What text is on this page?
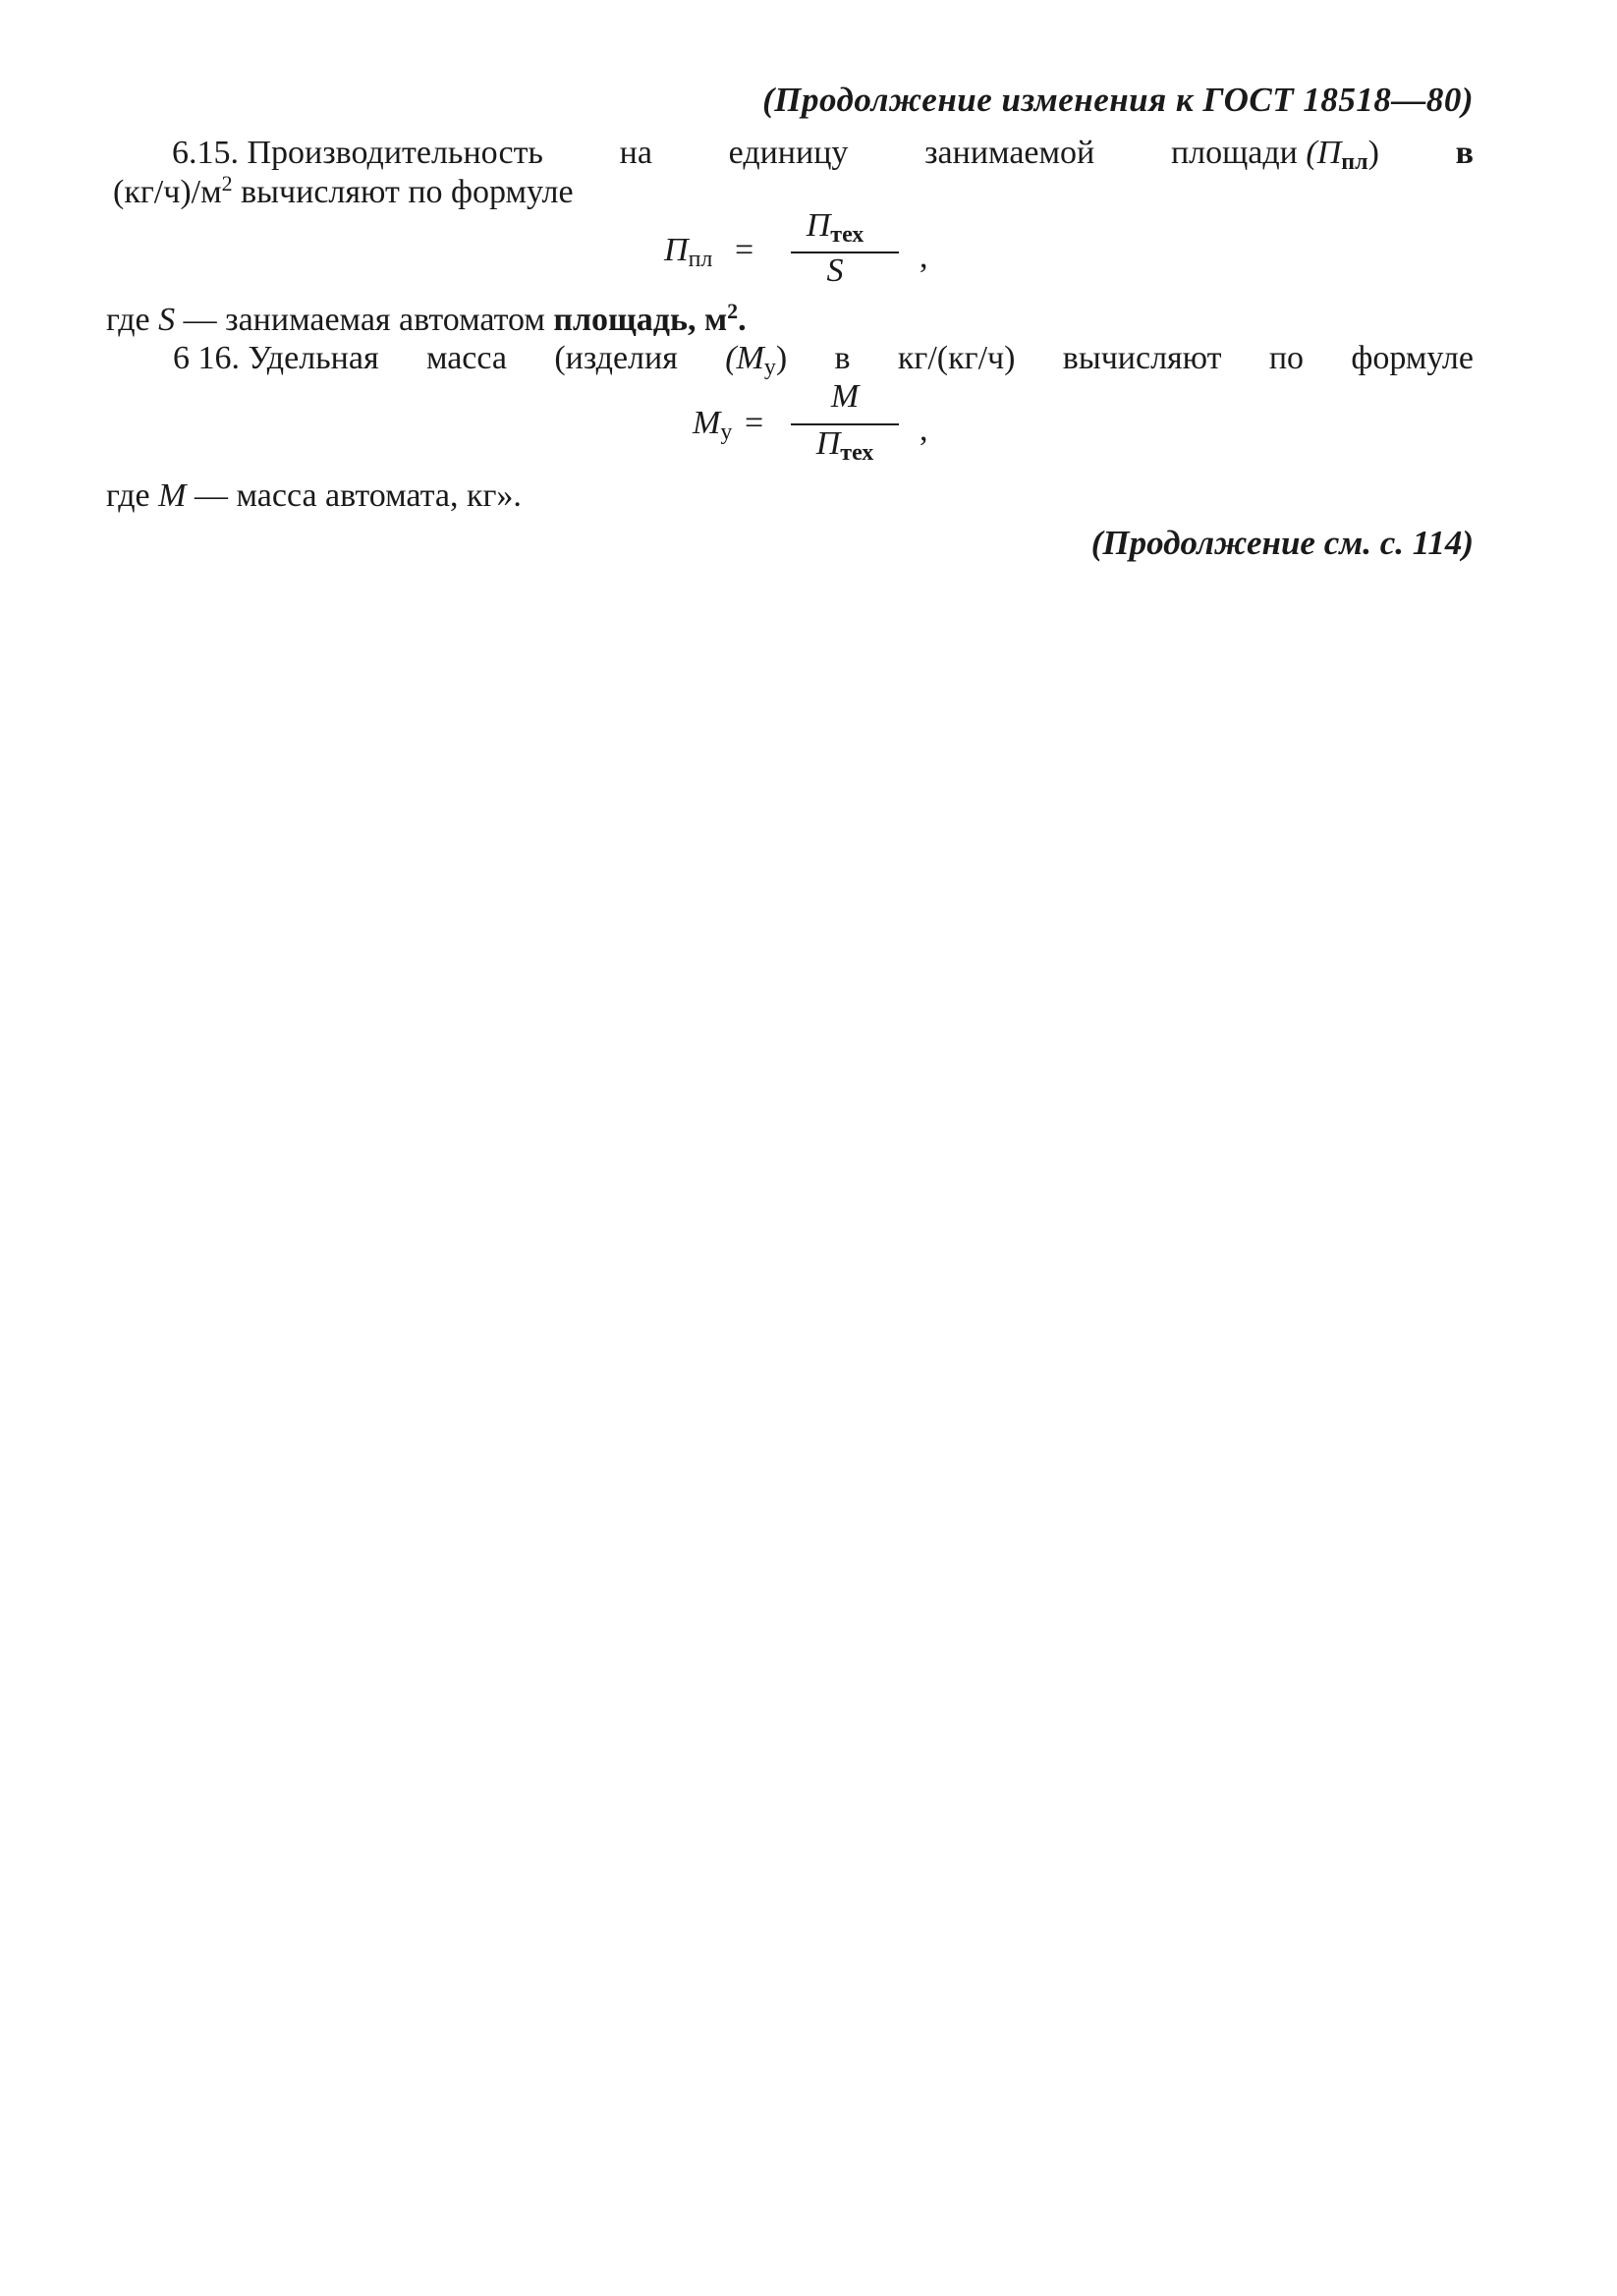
(Продолжение изменения к ГОСТ 18518—80)
6.15. Производительность на единицу занимаемой площади $(П_{пл})$ в
$(кг/ч)/м^2$ вычисляют по формуле
$П_{пл}$ =
$П_{тех}$
S	,
где S — занимаемая автоматом площадь, $м^2$.
6 16. Удельная масса (изделия $(М_у)$ в кг/(кг/ч) вычисляют по формуле
$М_у$ =
М
$П_{тех}$
,
где М — масса автомата, кг».
(Продолжение см. с. 114)
